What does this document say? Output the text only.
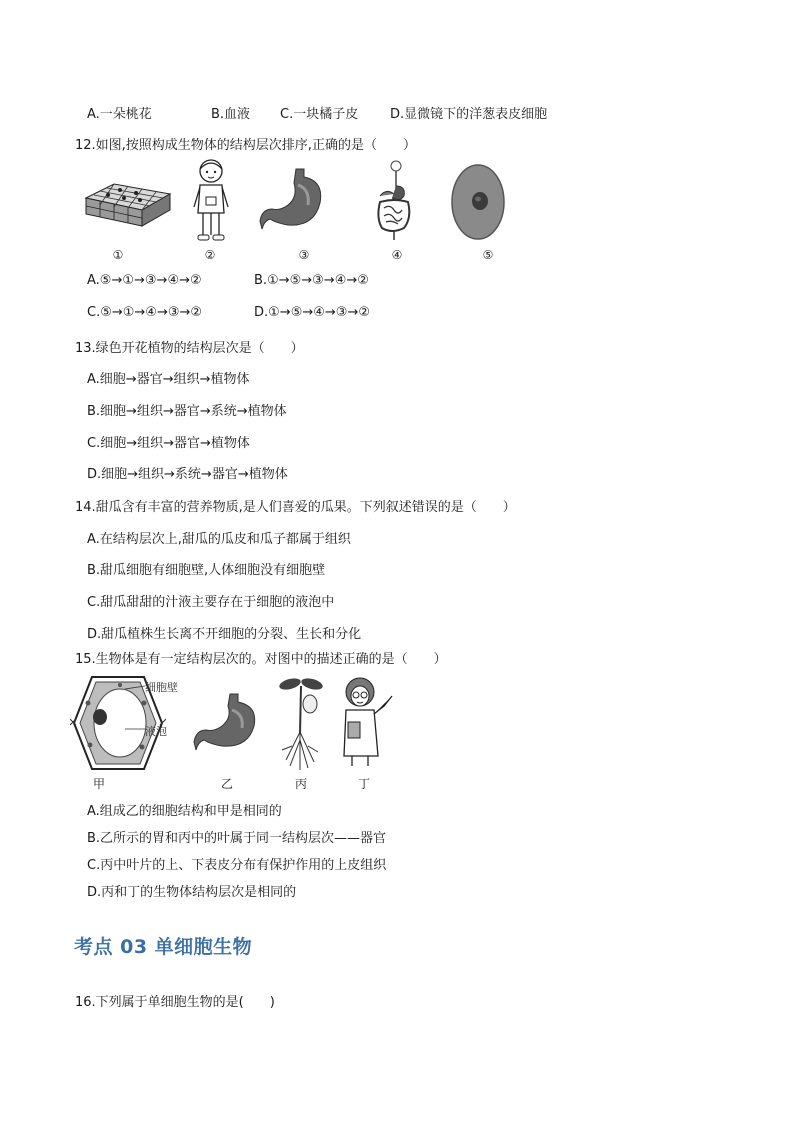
A.一朵桃花	B.血液 C.一块橘子皮 D.显微镜下的洋葱表皮细胞
12.如图,按照构成生物体的结构层次排序,正确的是（　　）
①	②	③	④	⑤
A.⑤→①→③→④→②	B.①→⑤→③→④→②
C.⑤→①→④→③→②	D.①→⑤→④→③→②
13.绿色开花植物的结构层次是（　　）
A.细胞→器官→组织→植物体
B.细胞→组织→器官→系统→植物体
C.细胞→组织→器官→植物体
D.细胞→组织→系统→器官→植物体
14.甜瓜含有丰富的营养物质,是人们喜爱的瓜果。下列叙述错误的是（　　）
A.在结构层次上,甜瓜的瓜皮和瓜子都属于组织
B.甜瓜细胞有细胞壁,人体细胞没有细胞壁
C.甜瓜甜甜的汁液主要存在于细胞的液泡中
D.甜瓜植株生长离不开细胞的分裂、生长和分化
15.生物体是有一定结构层次的。对图中的描述正确的是（　　）
细胞壁
液泡
甲	乙	丙	丁
A.组成乙的细胞结构和甲是相同的
B.乙所示的胃和丙中的叶属于同一结构层次——器官
C.丙中叶片的上、下表皮分布有保护作用的上皮组织
D.丙和丁的生物体结构层次是相同的
考点 03 单细胞生物
16.下列属于单细胞生物的是(　　)
